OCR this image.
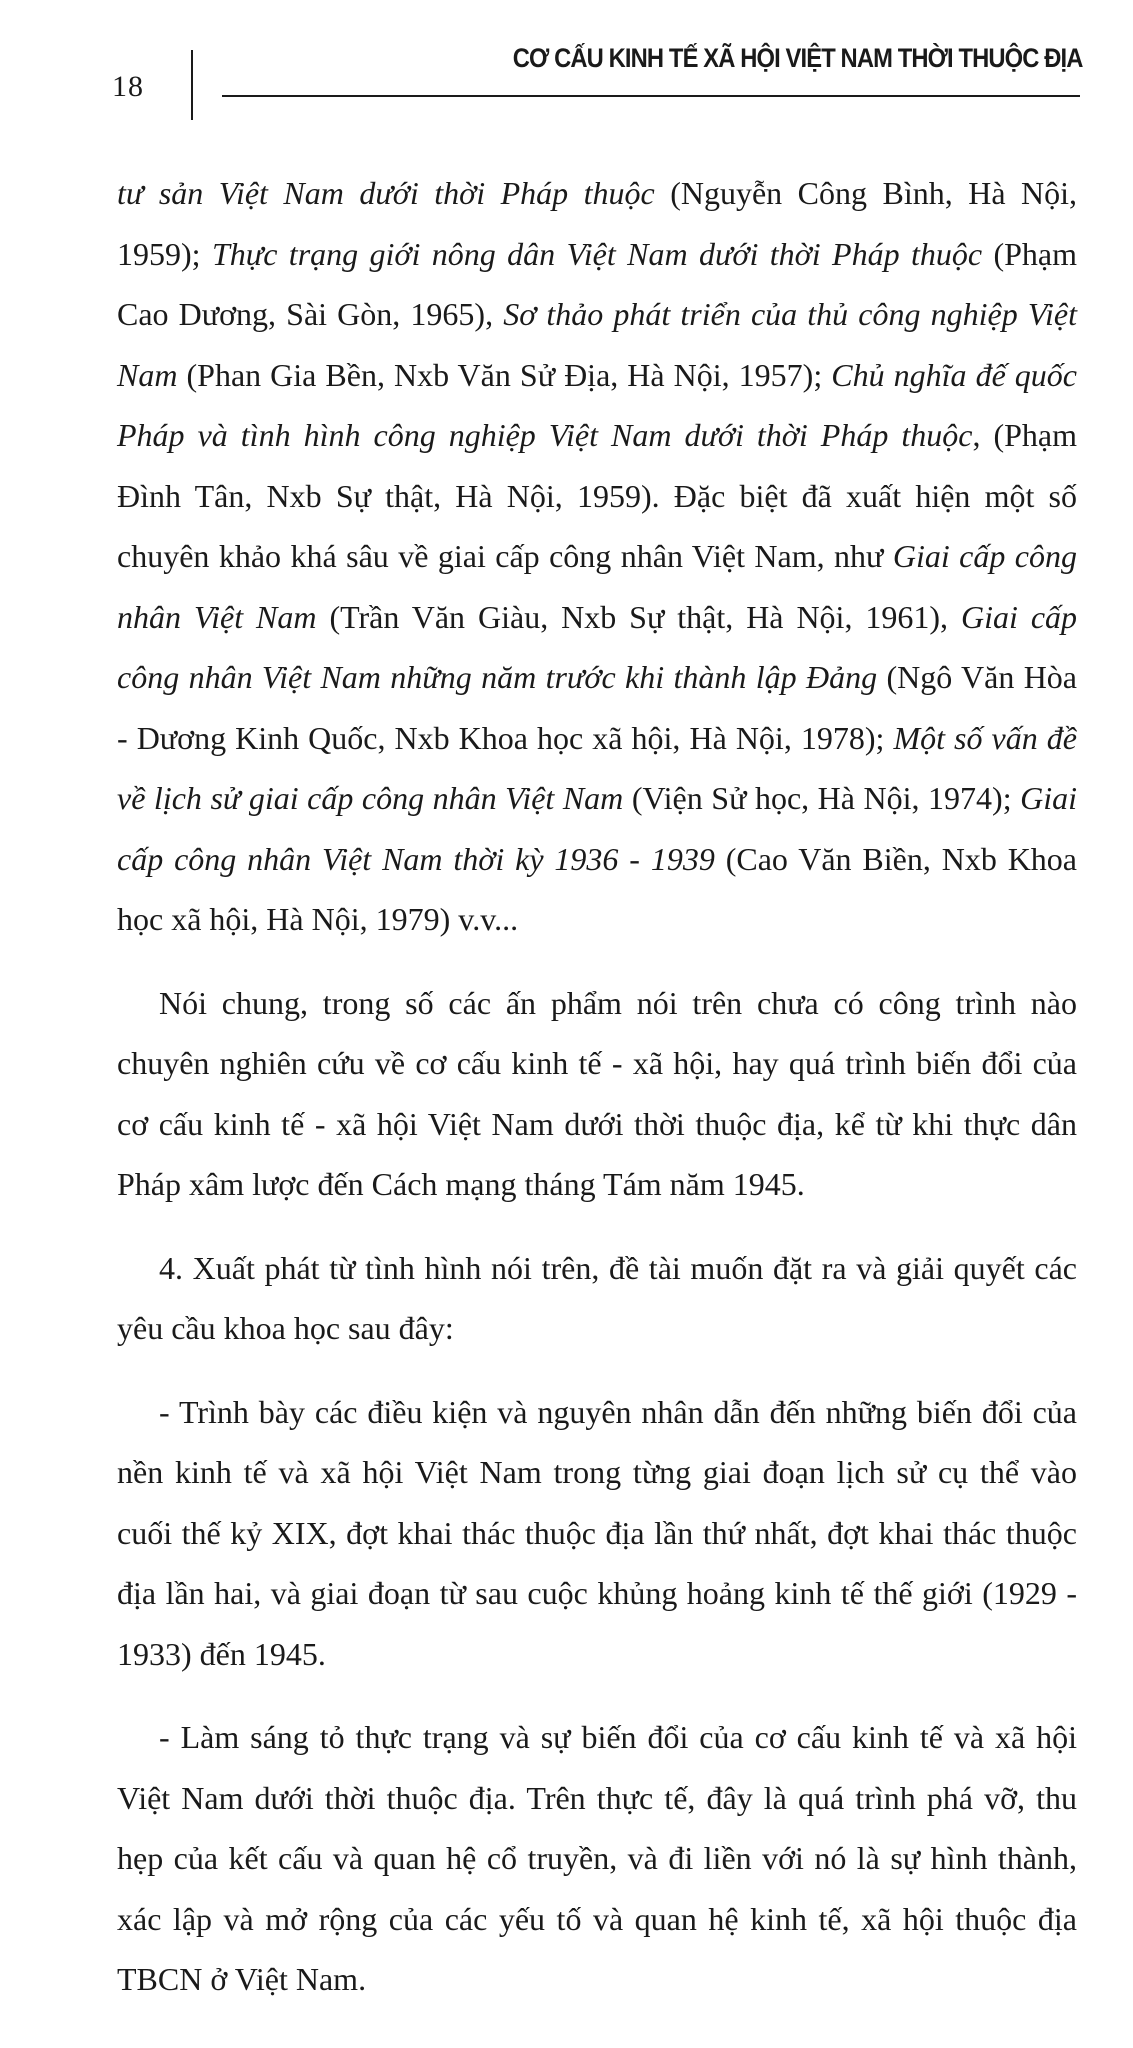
18
CƠ CẤU KINH TẾ XÃ HỘI VIỆT NAM THỜI THUỘC ĐỊA

tư sản Việt Nam dưới thời Pháp thuộc (Nguyễn Công Bình, Hà Nội, 1959); Thực trạng giới nông dân Việt Nam dưới thời Pháp thuộc (Phạm Cao Dương, Sài Gòn, 1965), Sơ thảo phát triển của thủ công nghiệp Việt Nam (Phan Gia Bền, Nxb Văn Sử Địa, Hà Nội, 1957); Chủ nghĩa đế quốc Pháp và tình hình công nghiệp Việt Nam dưới thời Pháp thuộc, (Phạm Đình Tân, Nxb Sự thật, Hà Nội, 1959). Đặc biệt đã xuất hiện một số chuyên khảo khá sâu về giai cấp công nhân Việt Nam, như Giai cấp công nhân Việt Nam (Trần Văn Giàu, Nxb Sự thật, Hà Nội, 1961), Giai cấp công nhân Việt Nam những năm trước khi thành lập Đảng (Ngô Văn Hòa - Dương Kinh Quốc, Nxb Khoa học xã hội, Hà Nội, 1978); Một số vấn đề về lịch sử giai cấp công nhân Việt Nam (Viện Sử học, Hà Nội, 1974); Giai cấp công nhân Việt Nam thời kỳ 1936 - 1939 (Cao Văn Biền, Nxb Khoa học xã hội, Hà Nội, 1979) v.v...

Nói chung, trong số các ấn phẩm nói trên chưa có công trình nào chuyên nghiên cứu về cơ cấu kinh tế - xã hội, hay quá trình biến đổi của cơ cấu kinh tế - xã hội Việt Nam dưới thời thuộc địa, kể từ khi thực dân Pháp xâm lược đến Cách mạng tháng Tám năm 1945.

4. Xuất phát từ tình hình nói trên, đề tài muốn đặt ra và giải quyết các yêu cầu khoa học sau đây:

- Trình bày các điều kiện và nguyên nhân dẫn đến những biến đổi của nền kinh tế và xã hội Việt Nam trong từng giai đoạn lịch sử cụ thể vào cuối thế kỷ XIX, đợt khai thác thuộc địa lần thứ nhất, đợt khai thác thuộc địa lần hai, và giai đoạn từ sau cuộc khủng hoảng kinh tế thế giới (1929 - 1933) đến 1945.

- Làm sáng tỏ thực trạng và sự biến đổi của cơ cấu kinh tế và xã hội Việt Nam dưới thời thuộc địa. Trên thực tế, đây là quá trình phá vỡ, thu hẹp của kết cấu và quan hệ cổ truyền, và đi liền với nó là sự hình thành, xác lập và mở rộng của các yếu tố và quan hệ kinh tế, xã hội thuộc địa TBCN ở Việt Nam.
